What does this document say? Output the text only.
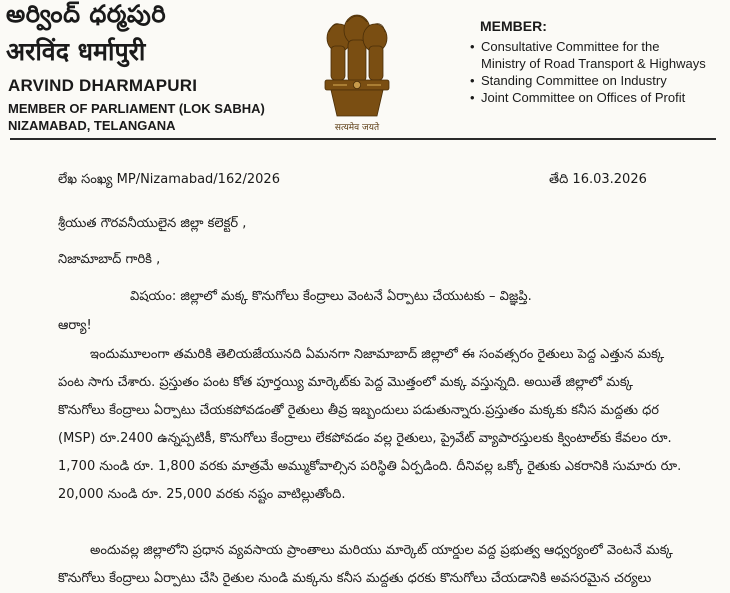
అర్వింద్ ధర్మపురి
अरविंद धर्मापुरी
ARVIND DHARMAPURI
MEMBER OF PARLIAMENT (LOK SABHA)
NIZAMABAD, TELANGANA	सत्यमेव जयते
MEMBER:
• Consultative Committee for the
Ministry of Road Transport & Highways
• Standing Committee on Industry
• Joint Committee on Offices of Profit
లేఖ సంఖ్య MP/Nizamabad/162/2026	తేది 16.03.2026
శ్రీయుత గౌరవనీయులైన జిల్లా కలెక్టర్ ,
నిజామాబాద్ గారికి ,
విషయం: జిల్లాలో మక్క కొనుగోలు కేంద్రాలు వెంటనే ఏర్పాటు చేయుటకు – విజ్ఞప్తి.
ఆర్యా!
ఇందుమూలంగా తమరికి తెలియజేయునది ఏమనగా నిజామాబాద్ జిల్లాలో ఈ సంవత్సరం రైతులు పెద్ద ఎత్తున మక్క
పంట సాగు చేశారు. ప్రస్తుతం పంట కోత పూర్తయ్యి మార్కెట్‌కు పెద్ద మొత్తంలో మక్క వస్తున్నది. అయితే జిల్లాలో మక్క
కొనుగోలు కేంద్రాలు ఏర్పాటు చేయకపోవడంతో రైతులు తీవ్ర ఇబ్బందులు పడుతున్నారు.ప్రస్తుతం మక్కకు కనీస మద్దతు ధర
(MSP) రూ.2400 ఉన్నప్పటికీ, కొనుగోలు కేంద్రాలు లేకపోవడం వల్ల రైతులు, ప్రైవేట్ వ్యాపారస్తులకు క్వింటాల్‌కు కేవలం రూ.
1,700 నుండి రూ. 1,800 వరకు మాత్రమే అమ్ముకోవాల్సిన పరిస్థితి ఏర్పడింది. దీనివల్ల ఒక్కో రైతుకు ఎకరానికి సుమారు రూ.
20,000 నుండి రూ. 25,000 వరకు నష్టం వాటిల్లుతోంది.
అందువల్ల జిల్లాలోని ప్రధాన వ్యవసాయ ప్రాంతాలు మరియు మార్కెట్ యార్డుల వద్ద ప్రభుత్వ ఆధ్వర్యంలో వెంటనే మక్క
కొనుగోలు కేంద్రాలు ఏర్పాటు చేసి రైతుల నుండి మక్కను కనీస మద్దతు ధరకు కొనుగోలు చేయడానికి అవసరమైన చర్యలు
